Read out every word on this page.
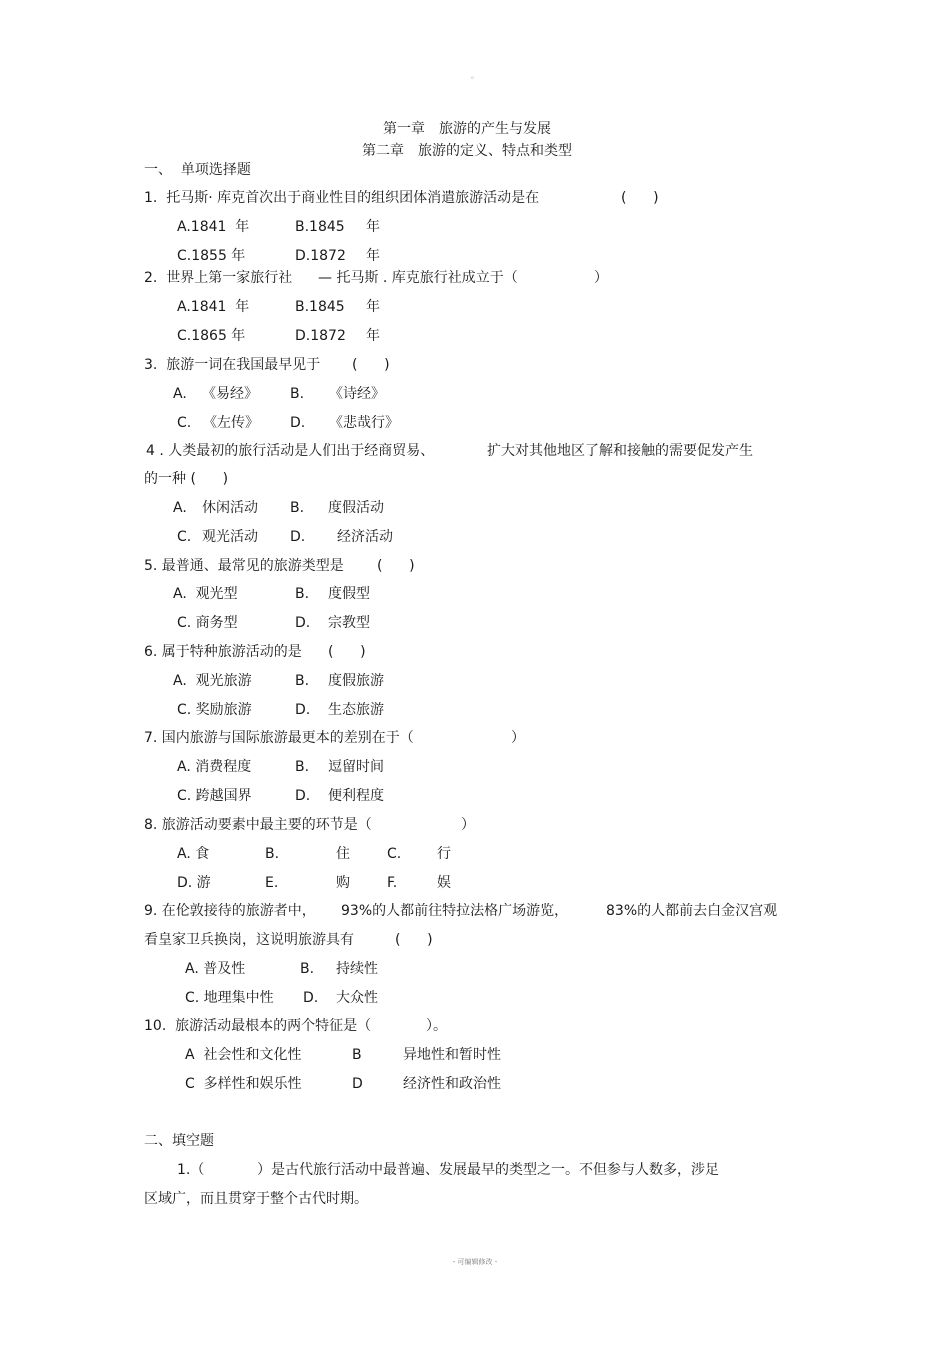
。
第一章　旅游的产生与发展
第二章　旅游的定义、特点和类型
一、  单项选择题
1.  托马斯· 库克首次出于商业性目的组织团体消遣旅游活动是在	(      )
A.1841  年	B.1845 年
C.1855 年	D.1872 年
2.  世界上第一家旅行社 — 托马斯 . 库克旅行社成立于（	）
A.1841  年	B.1845 年
C.1865 年	D.1872 年
3.  旅游一词在我国最早见于 (      )
A. 《易经》 B. 《诗经》
C. 《左传》 D. 《悲哉行》
4 . 人类最初的旅行活动是人们出于经商贸易、	扩大对其他地区了解和接触的需要促发产生
的一种 (      )
A. 休闲活动 B. 度假活动
C. 观光活动 D. 经济活动
5. 最普通、最常见的旅游类型是 (      )
A.  观光型	B. 度假型
C. 商务型	D. 宗教型
6. 属于特种旅游活动的是 (      )
A.  观光旅游	B. 度假旅游
C. 奖励旅游	D. 生态旅游
7. 国内旅游与国际旅游最更本的差别在于（	）
A. 消费程度	B. 逗留时间
C. 跨越国界	D. 便利程度
8. 旅游活动要素中最主要的环节是（	）
A. 食	B.	住	C.	行
D. 游	E.	购	F.	娱
9. 在伦敦接待的旅游者中， 93%的人都前往特拉法格广场游览，	83%的人都前去白金汉宫观
看皇家卫兵换岗，这说明旅游具有	(      )
A. 普及性	B. 持续性
C. 地理集中性 D. 大众性
10.  旅游活动最根本的两个特征是（	）。
A  社会性和文化性	B	异地性和暂时性
C  多样性和娱乐性	D	经济性和政治性
二、填空题
1.（	）是古代旅行活动中最普遍、发展最早的类型之一。不但参与人数多，涉足
区域广，而且贯穿于整个古代时期。
- 可编辑修改 -
